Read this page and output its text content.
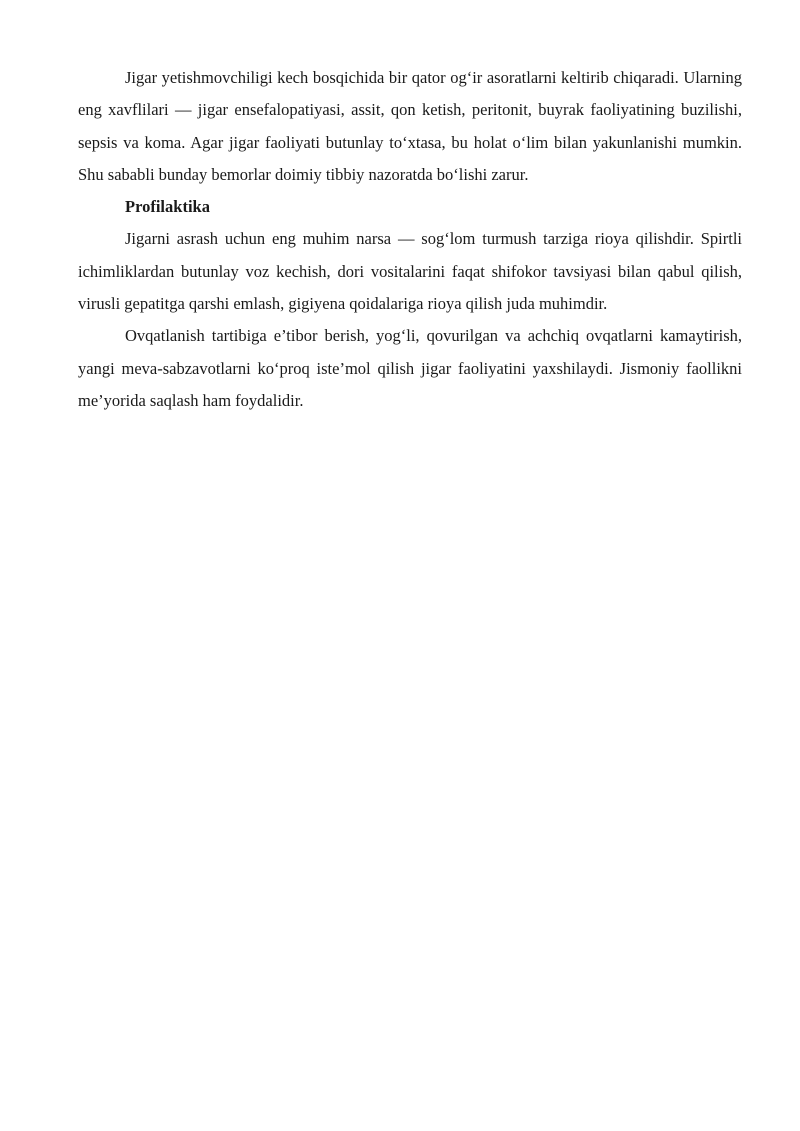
Jigar yetishmovchiligi kech bosqichida bir qator og‘ir asoratlarni keltirib chiqaradi. Ularning eng xavflilari — jigar ensefalopatiyasi, assit, qon ketish, peritonit, buyrak faoliyatining buzilishi, sepsis va koma. Agar jigar faoliyati butunlay to‘xtasa, bu holat o‘lim bilan yakunlanishi mumkin. Shu sababli bunday bemorlar doimiy tibbiy nazoratda bo‘lishi zarur.

Profilaktika

Jigarni asrash uchun eng muhim narsa — sog‘lom turmush tarziga rioya qilishdir. Spirtli ichimliklardan butunlay voz kechish, dori vositalarini faqat shifokor tavsiyasi bilan qabul qilish, virusli gepatitga qarshi emlash, gigiyena qoidalariga rioya qilish juda muhimdir.

Ovqatlanish tartibiga e’tibor berish, yog‘li, qovurilgan va achchiq ovqatlarni kamaytirish, yangi meva-sabzavotlarni ko‘proq iste’mol qilish jigar faoliyatini yaxshilaydi. Jismoniy faollikni me’yorida saqlash ham foydalidir.
